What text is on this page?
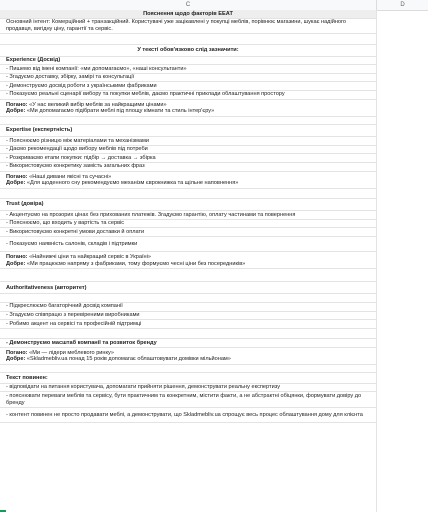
C	D
Пояснення щодо факторів ЕЕАТ
Основний інтент: Комерційний + транзакційний. Користувачі уже зацікавлені у покупці меблів, порівнює магазини, шукає надійного продавця, вигідну ціну, гарантії та сервіс.
У тексті обов'язково слід зазначити:
Experience (Досвід)
- Пишемо від імені компанії: «ми допомагаємо», «наші консультанти»
- Згадуємо доставку, збірку, замірі та консультації
- Демонструємо досвід роботи з українськими фабриками
- Показуємо реальні сценарії вибору та покупки меблів, даємо практичні приклади облаштування простору
Погано: «У нас великий вибір меблів за найкращими цінами»
Добре: «Ми допомагаємо підібрати меблі під площу кімнати та стиль інтер'єру»
Expertise (експертність)
- Пояснюємо різницю між матеріалами та механізмами
- Даємо рекомендації щодо вибору меблів під потреби
- Розкриваємо етапи покупки: підбір → доставка → збірка
- Використовуємо конкретику замість загальних фраз
Погано: «Наші дивани якісні та сучасні»
Добре: «Для щоденного сну рекомендуємо механізм єврокнижка та щільне наповнення»
Trust (довіра)
- Акцентуємо на прозорих цінах без прихованих платежів. Згадуємо гарантію, оплату частинами та повернення
- Пояснюємо, що входить у вартість та сервіс
- Використовуємо конкретні умови доставки й оплати
- Показуємо наявність салонів, складів і підтримки
Погано: «Найнижчі ціни та найкращий сервіс в Україні»
Добре: «Ми працюємо напряму з фабриками, тому формуємо чесні ціни без посередників»
Authoritativeness (авторитет)
- Підкреслюємо багаторічний досвід компанії
- Згадуємо співпрацю з перевіреними виробниками
- Робимо акцент на сервісі та професійній підтримці
- Демонструємо масштаб компанії та розвиток бренду
Погано: «Ми — лідери меблевого ринку»
Добре: «Skladmebliv.ua понад 15 років допомагає облаштовувати домівки мільйонам»
Текст повинен:
- відповідати на питання користувача, допомагати прийняти рішення, демонструвати реальну експертизу
- пояснювати переваги меблів та сервісу, бути практичним та конкретним, містити факти, а не абстрактні обіцянки, формувати довіру до бренду
- контент повинен не просто продавати меблі, а демонструвати, що Skladmebliv.ua спрощує весь процес облаштування дому для клієнта
